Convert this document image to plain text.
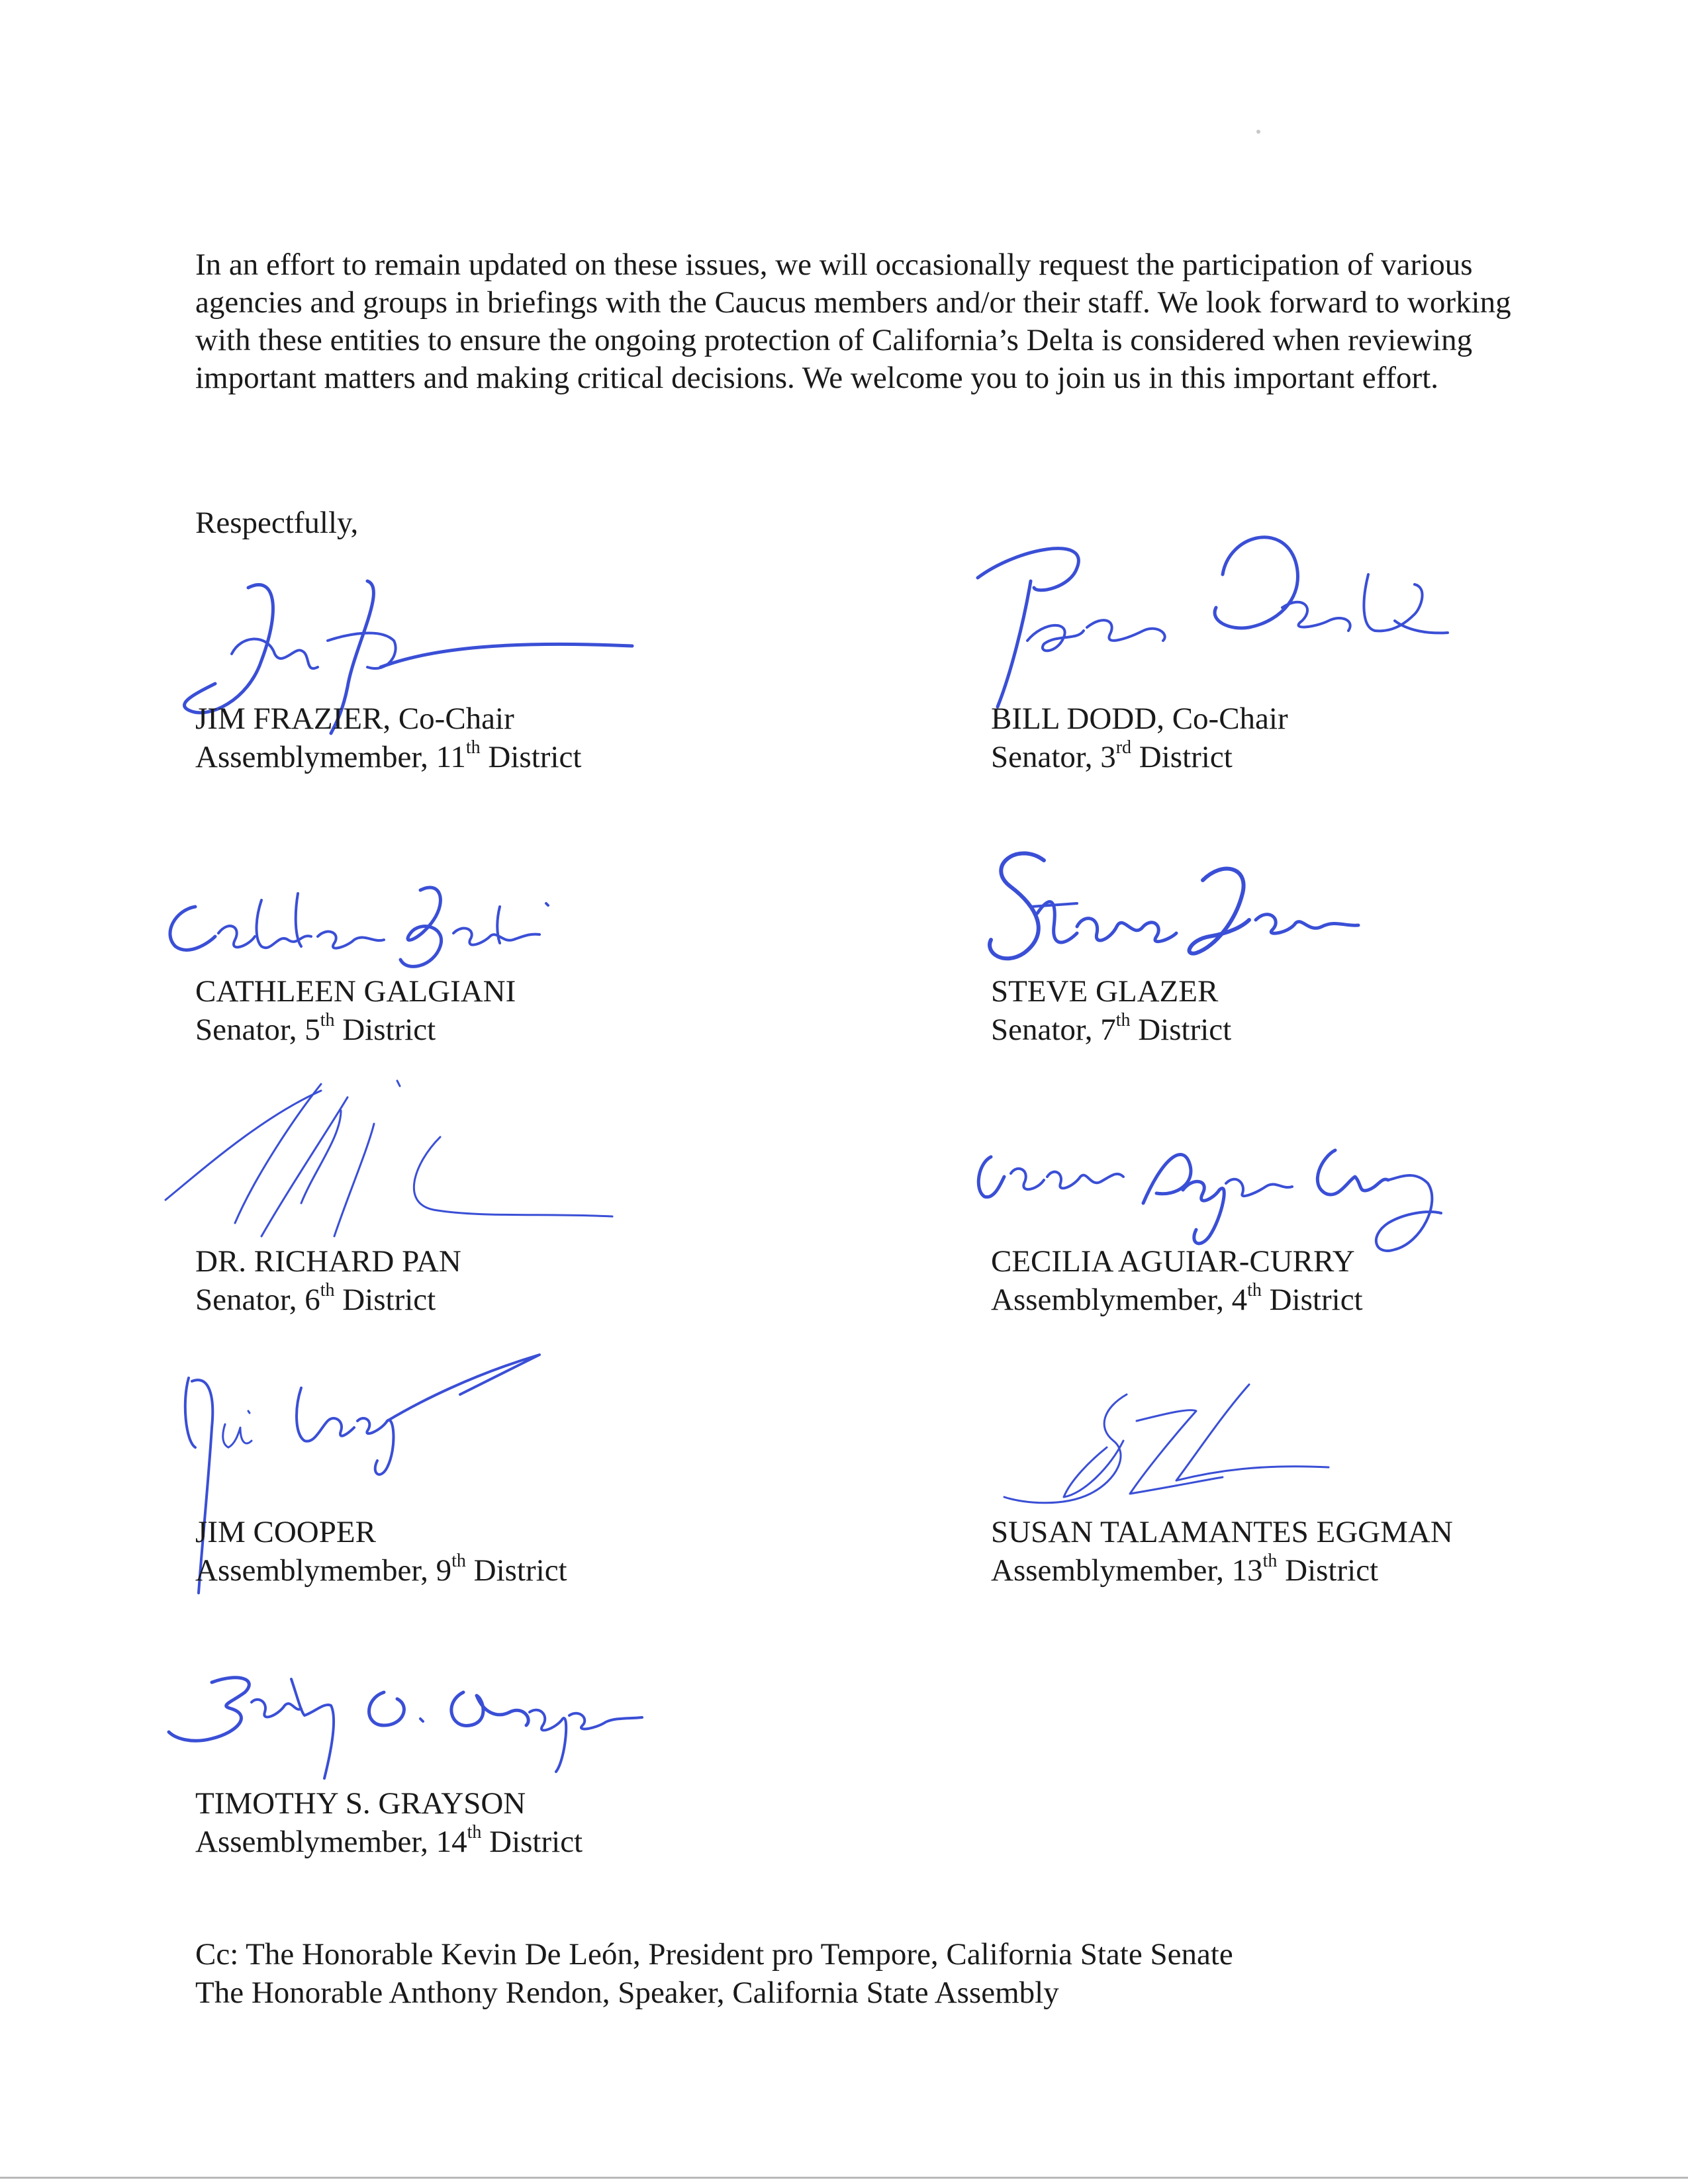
In an effort to remain updated on these issues, we will occasionally request the participation of various agencies and groups in briefings with the Caucus members and/or their staff. We look forward to working with these entities to ensure the ongoing protection of California’s Delta is considered when reviewing important matters and making critical decisions. We welcome you to join us in this important effort.

Respectfully,

JIM FRAZIER, Co-Chair
Assemblymember, 11th District
BILL DODD, Co-Chair
Senator, 3rd District
CATHLEEN GALGIANI
Senator, 5th District
STEVE GLAZER
Senator, 7th District
DR. RICHARD PAN
Senator, 6th District
CECILIA AGUIAR-CURRY
Assemblymember, 4th District
JIM COOPER
Assemblymember, 9th District
SUSAN TALAMANTES EGGMAN
Assemblymember, 13th District
TIMOTHY S. GRAYSON
Assemblymember, 14th District
Cc: The Honorable Kevin De León, President pro Tempore, California State Senate
The Honorable Anthony Rendon, Speaker, California State Assembly
